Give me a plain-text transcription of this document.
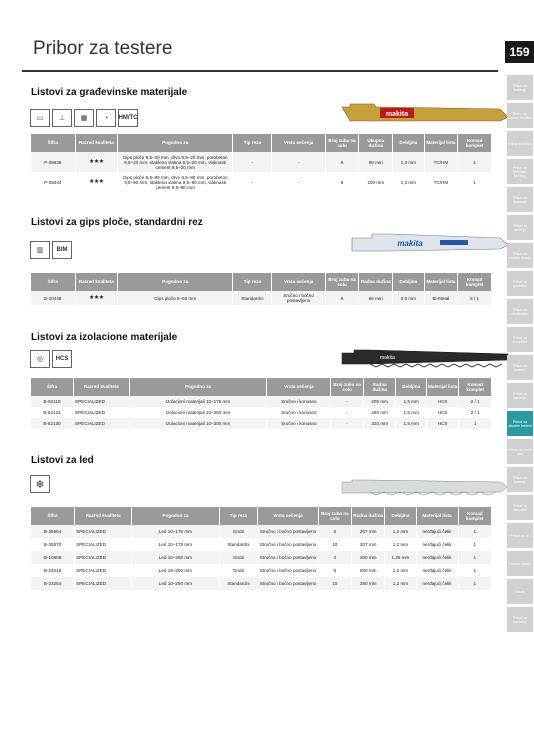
Pribor za testere	159
Listovi za građevinske materijale
▭	⊥	▦	◔	HM/TC	makita
Šifra	Razred kvaliteta	Pogodno za	Tip reza	Vrsta sečenja	Broj zuba na colu	Ukupna dužina	Debljina	Materijal lista	Komad komplet
P-05935	★★★	Gips ploče 9,5–20 mm, drvo 9,5–20 mm, porobeton 9,5–20 mm, staklena vlakna 9,5–20 mm, vlaknasti cement 9,5–20 mm	-	-	6	90 mm	1,3 mm	TC/HM	1
P-05044	★★★	Gips ploče 9,5–80 mm, drvo 9,5–80 mm, porobeton 9,5–80 mm, staklena vlakna 9,5–80 mm, vlaknasti cement 9,5–80 mm	-	-	6	150 mm	1,3 mm	TC/HM	1
Listovi za gips ploče, standardni rez
▥	BIM
makita
Šifra	Razred kvaliteta	Pogodno za	Tip reza	Vrsta sečenja	Broj zuba na colu	Radna dužina	Debljina	Materijal lista	Komad komplet
B-20448	★★★	Gips ploče 5–50 mm	Standardni	Sručno i bočno postavljeno	6	60 mm	0,9 mm	Bi-Metal	5 / 1
Listovi za izolacione materijale
◎	HCS	makita
Šifra	Razred kvaliteta	Pogodno za	Vrsta sečenja	Broj zuba na colu	Radna dužina	Debljina	Materijal lista	Komad komplet
B-52118	SPECIALIZED	Izolacioni materijali 10–175 mm	Sručno i konusno	-	205 mm	1,5 mm	HCS	2 / 1
B-52124	SPECIALIZED	Izolacioni materijali 10–250 mm	Sručno i konusno	-	280 mm	1,5 mm	HCS	2 / 1
B-52130	SPECIALIZED	Izolacioni materijali 10–300 mm	Sručno i konusno	-	320 mm	1,5 mm	HCS	1
Listovi za led
❄
Šifra	Razred kvaliteta	Pogodno za	Tip reza	Vrsta sečenja	Broj zuba na colu	Radna dužina	Debljina	Materijal lista	Komad komplet
B-35564	SPECIALIZED	Led 10–175 mm	Grubi	Stručno i bočno postavljeno	6	207 mm	1,2 mm	nerđajući čelik	1
B-35570	SPECIALIZED	Led 10–175 mm	Standardni	Stručno i bočno postavljeno	10	207 mm	1,2 mm	nerđajući čelik	1
B-10609	SPECIALIZED	Led 10–250 mm	Grubi	Stručno i bočno postavljeno	3	280 mm	1,25 mm	nerđajući čelik	1
B-23248	SPECIALIZED	Led 10–250 mm	Grubi	Stručno i bočno postavljeno	6	280 mm	1,2 mm	nerđajući čelik	1
B-23254	SPECIALIZED	Led 10–250 mm	Standardni	Stručno i bočno postavljeno	10	280 mm	1,2 mm	nerđajući čelik	1
Pribor za bušenje
Pribor za udarnu bušilicu
Pribor za čekić
Pribor za betonsku bušilicu
Pribor za brušenje
Pribor za sečenje
Pribor za obradu drveta
Pribor za glodalice
Pribor za rendisaljke
Pribor za štemalice
Pribor za testere
Pribor za uvrtanje
Pribor za ubodne testere
Pribor za multi alat
Pribor za baterije
Pribor za usisivače
Pribor za vrt
Radna odeća
Ostalo
Pribor za mešanje
